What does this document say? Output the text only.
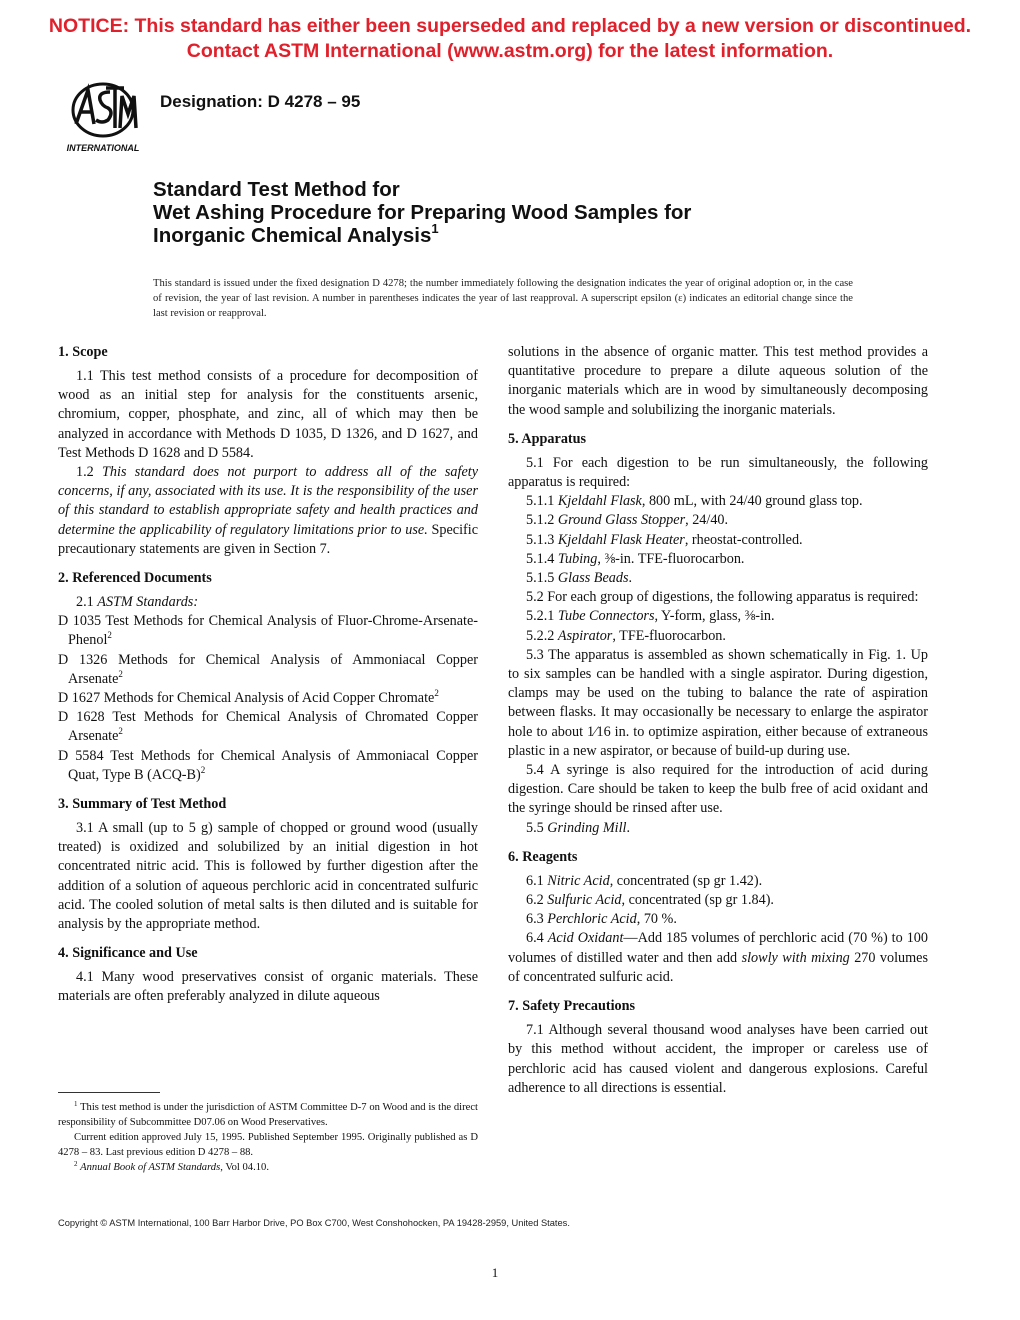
NOTICE: This standard has either been superseded and replaced by a new version or discontinued.
Contact ASTM International (www.astm.org) for the latest information.
INTERNATIONAL
Designation: D 4278 – 95
Standard Test Method for
Wet Ashing Procedure for Preparing Wood Samples for
Inorganic Chemical Analysis$^1$
This standard is issued under the fixed designation D 4278; the number immediately following the designation indicates the year of original adoption or, in the case of revision, the year of last revision. A number in parentheses indicates the year of last reapproval. A superscript epsilon (ε) indicates an editorial change since the last revision or reapproval.
1. Scope

1.1 This test method consists of a procedure for decomposition of wood as an initial step for analysis for the constituents arsenic, chromium, copper, phosphate, and zinc, all of which may then be analyzed in accordance with Methods D 1035, D 1326, and D 1627, and Test Methods D 1628 and D 5584.

1.2 This standard does not purport to address all of the safety concerns, if any, associated with its use. It is the responsibility of the user of this standard to establish appropriate safety and health practices and determine the applicability of regulatory limitations prior to use. Specific precautionary statements are given in Section 7.

2. Referenced Documents

2.1 ASTM Standards:

D 1035 Test Methods for Chemical Analysis of Fluor-Chrome-Arsenate-Phenol$^2$

D 1326 Methods for Chemical Analysis of Ammoniacal Copper Arsenate$^2$

D 1627 Methods for Chemical Analysis of Acid Copper Chromate$^2$

D 1628 Test Methods for Chemical Analysis of Chromated Copper Arsenate$^2$

D 5584 Test Methods for Chemical Analysis of Ammoniacal Copper Quat, Type B $(ACQ-B)^2$

3. Summary of Test Method

3.1 A small (up to 5 g) sample of chopped or ground wood (usually treated) is oxidized and solubilized by an initial digestion in hot concentrated nitric acid. This is followed by further digestion after the addition of a solution of aqueous perchloric acid in concentrated sulfuric acid. The cooled solution of metal salts is then diluted and is suitable for analysis by the appropriate method.

4. Significance and Use

4.1 Many wood preservatives consist of organic materials. These materials are often preferably analyzed in dilute aqueous

solutions in the absence of organic matter. This test method provides a quantitative procedure to prepare a dilute aqueous solution of the inorganic materials which are in wood by simultaneously decomposing the wood sample and solubilizing the inorganic materials.

5. Apparatus

5.1 For each digestion to be run simultaneously, the following apparatus is required:

5.1.1 Kjeldahl Flask, 800 mL, with 24/40 ground glass top.

5.1.2 Ground Glass Stopper, 24/40.

5.1.3 Kjeldahl Flask Heater, rheostat-controlled.

5.1.4 Tubing, ⅜-in. TFE-fluorocarbon.

5.1.5 Glass Beads.

5.2 For each group of digestions, the following apparatus is required:

5.2.1 Tube Connectors, Y-form, glass, ⅜-in.

5.2.2 Aspirator, TFE-fluorocarbon.

5.3 The apparatus is assembled as shown schematically in Fig. 1. Up to six samples can be handled with a single aspirator. During digestion, clamps may be used on the tubing to balance the rate of aspiration between flasks. It may occasionally be necessary to enlarge the aspirator hole to about 1⁄16 in. to optimize aspiration, either because of extraneous plastic in a new aspirator, or because of build-up during use.

5.4 A syringe is also required for the introduction of acid during digestion. Care should be taken to keep the bulb free of acid oxidant and the syringe should be rinsed after use.

5.5 Grinding Mill.

6. Reagents

6.1 Nitric Acid, concentrated (sp gr 1.42).

6.2 Sulfuric Acid, concentrated (sp gr 1.84).

6.3 Perchloric Acid, 70 %.

6.4 Acid Oxidant—Add 185 volumes of perchloric acid (70 %) to 100 volumes of distilled water and then add slowly with mixing 270 volumes of concentrated sulfuric acid.

7. Safety Precautions

7.1 Although several thousand wood analyses have been carried out by this method without accident, the improper or careless use of perchloric acid has caused violent and dangerous explosions. Careful adherence to all directions is essential.

$^1$ This test method is under the jurisdiction of ASTM Committee D-7 on Wood and is the direct responsibility of Subcommittee D07.06 on Wood Preservatives.

Current edition approved July 15, 1995. Published September 1995. Originally published as D 4278 – 83. Last previous edition D 4278 – 88.

$^2$ Annual Book of ASTM Standards, Vol 04.10.

Copyright © ASTM International, 100 Barr Harbor Drive, PO Box C700, West Conshohocken, PA 19428-2959, United States.
1
